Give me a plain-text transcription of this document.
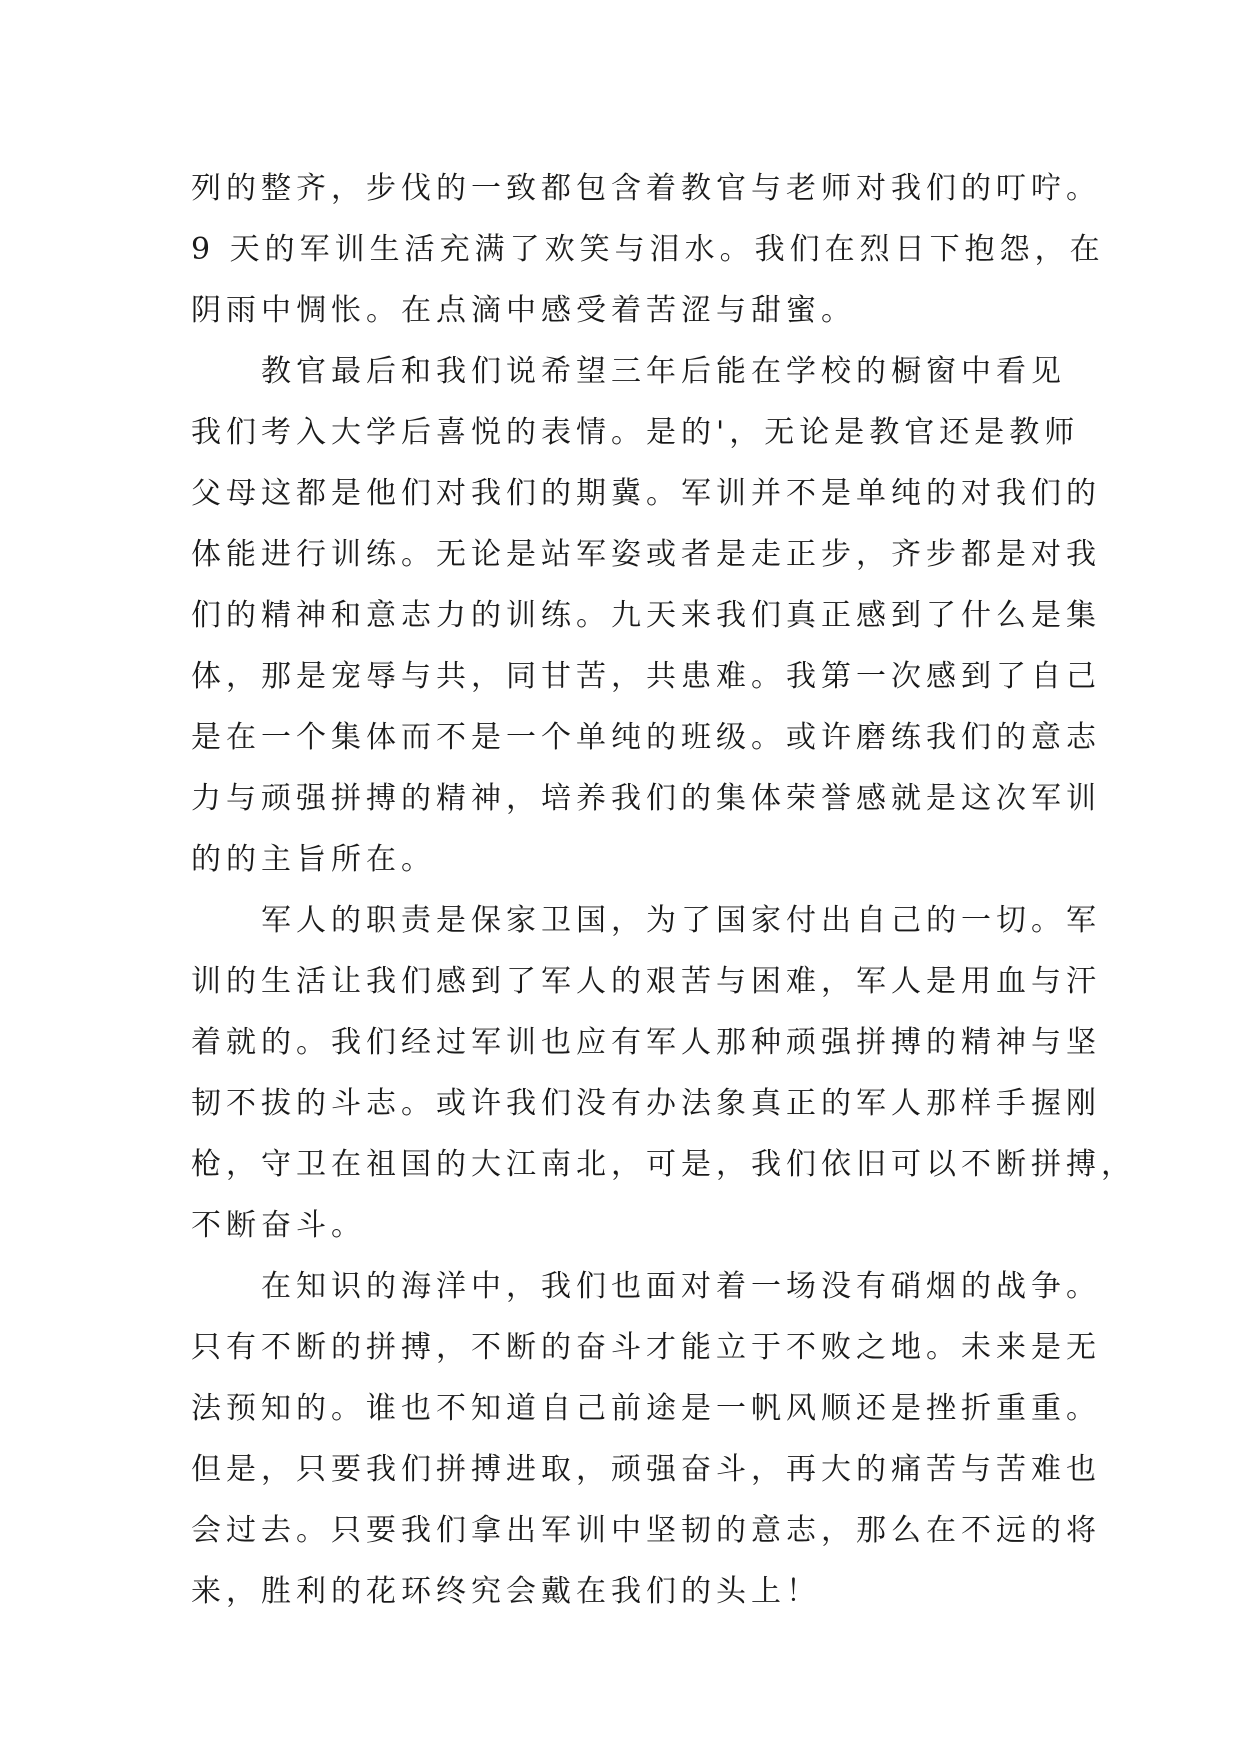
列的整齐，步伐的一致都包含着教官与老师对我们的叮咛。
9 天的军训生活充满了欢笑与泪水。我们在烈日下抱怨，在
阴雨中惆怅。在点滴中感受着苦涩与甜蜜。
　　教官最后和我们说希望三年后能在学校的橱窗中看见
我们考入大学后喜悦的表情。是的'，无论是教官还是教师
父母这都是他们对我们的期冀。军训并不是单纯的对我们的
体能进行训练。无论是站军姿或者是走正步，齐步都是对我
们的精神和意志力的训练。九天来我们真正感到了什么是集
体，那是宠辱与共，同甘苦，共患难。我第一次感到了自己
是在一个集体而不是一个单纯的班级。或许磨练我们的意志
力与顽强拼搏的精神，培养我们的集体荣誉感就是这次军训
的的主旨所在。
　　军人的职责是保家卫国，为了国家付出自己的一切。军
训的生活让我们感到了军人的艰苦与困难，军人是用血与汗
着就的。我们经过军训也应有军人那种顽强拼搏的精神与坚
韧不拔的斗志。或许我们没有办法象真正的军人那样手握刚
枪，守卫在祖国的大江南北，可是，我们依旧可以不断拼搏，
不断奋斗。
　　在知识的海洋中，我们也面对着一场没有硝烟的战争。
只有不断的拼搏，不断的奋斗才能立于不败之地。未来是无
法预知的。谁也不知道自己前途是一帆风顺还是挫折重重。
但是，只要我们拼搏进取，顽强奋斗，再大的痛苦与苦难也
会过去。只要我们拿出军训中坚韧的意志，那么在不远的将
来，胜利的花环终究会戴在我们的头上！
